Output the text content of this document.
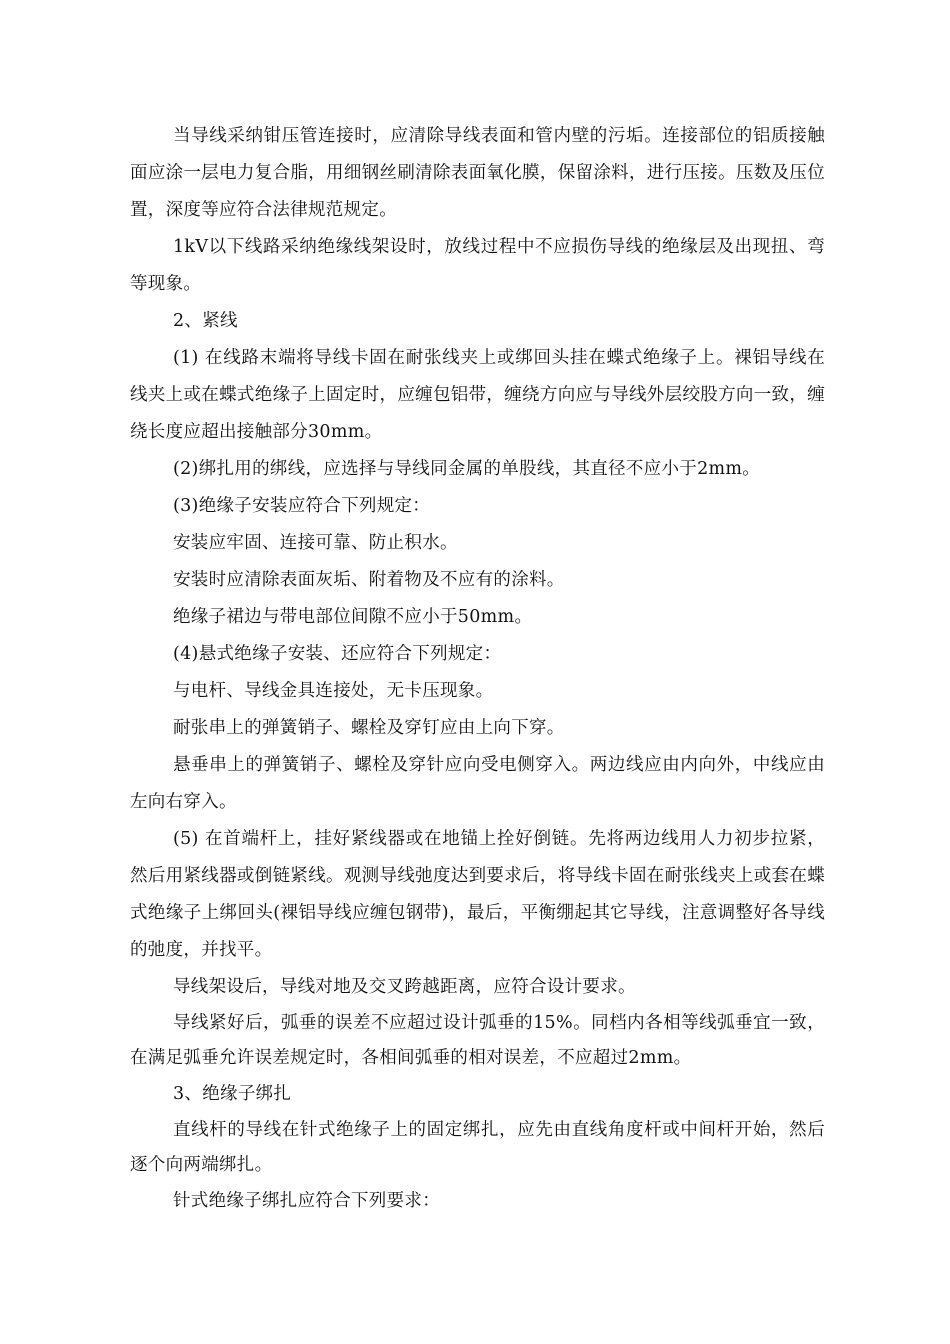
当导线采纳钳压管连接时，应清除导线表面和管内壁的污垢。连接部位的铝质接触面应涂一层电力复合脂，用细钢丝刷清除表面氧化膜，保留涂料，进行压接。压数及压位置，深度等应符合法律规范规定。

1kV以下线路采纳绝缘线架设时，放线过程中不应损伤导线的绝缘层及出现扭、弯等现象。

2、紧线

(1) 在线路末端将导线卡固在耐张线夹上或绑回头挂在蝶式绝缘子上。裸铝导线在线夹上或在蝶式绝缘子上固定时，应缠包铝带，缠绕方向应与导线外层绞股方向一致，缠绕长度应超出接触部分30mm。

(2)绑扎用的绑线，应选择与导线同金属的单股线，其直径不应小于2mm。

(3)绝缘子安装应符合下列规定：

安装应牢固、连接可靠、防止积水。

安装时应清除表面灰垢、附着物及不应有的涂料。

绝缘子裙边与带电部位间隙不应小于50mm。

(4)悬式绝缘子安装、还应符合下列规定：

与电杆、导线金具连接处，无卡压现象。

耐张串上的弹簧销子、螺栓及穿钉应由上向下穿。

悬垂串上的弹簧销子、螺栓及穿针应向受电侧穿入。两边线应由内向外，中线应由左向右穿入。

(5) 在首端杆上，挂好紧线器或在地锚上拴好倒链。先将两边线用人力初步拉紧，然后用紧线器或倒链紧线。观测导线弛度达到要求后，将导线卡固在耐张线夹上或套在蝶式绝缘子上绑回头(裸铝导线应缠包钢带)，最后，平衡绷起其它导线，注意调整好各导线的弛度，并找平。

导线架设后，导线对地及交叉跨越距离，应符合设计要求。

导线紧好后，弧垂的误差不应超过设计弧垂的15%。同档内各相等线弧垂宜一致，在满足弧垂允许误差规定时，各相间弧垂的相对误差，不应超过2mm。

3、绝缘子绑扎

直线杆的导线在针式绝缘子上的固定绑扎，应先由直线角度杆或中间杆开始，然后逐个向两端绑扎。

针式绝缘子绑扎应符合下列要求：
